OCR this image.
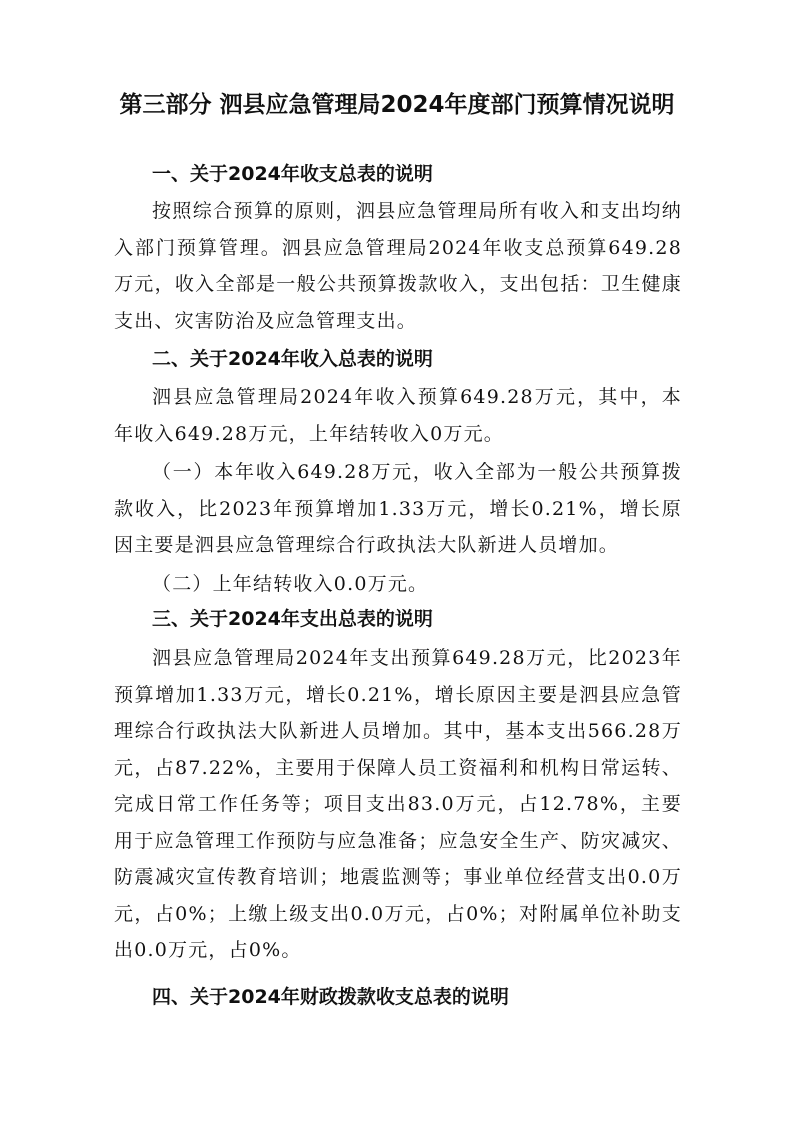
第三部分 泗县应急管理局2024年度部门预算情况说明
一、关于2024年收支总表的说明

按照综合预算的原则，泗县应急管理局所有收入和支出均纳入部门预算管理。泗县应急管理局2024年收支总预算649.28万元，收入全部是一般公共预算拨款收入，支出包括：卫生健康支出、灾害防治及应急管理支出。

二、关于2024年收入总表的说明

泗县应急管理局2024年收入预算649.28万元，其中，本年收入649.28万元，上年结转收入0万元。

（一）本年收入649.28万元，收入全部为一般公共预算拨款收入，比2023年预算增加1.33万元，增长0.21%，增长原因主要是泗县应急管理综合行政执法大队新进人员增加。

（二）上年结转收入0.0万元。

三、关于2024年支出总表的说明

泗县应急管理局2024年支出预算649.28万元，比2023年预算增加1.33万元，增长0.21%，增长原因主要是泗县应急管理综合行政执法大队新进人员增加。其中，基本支出566.28万元，占87.22%，主要用于保障人员工资福利和机构日常运转、完成日常工作任务等；项目支出83.0万元，占12.78%，主要用于应急管理工作预防与应急准备；应急安全生产、防灾减灾、防震减灾宣传教育培训；地震监测等；事业单位经营支出0.0万元，占0%；上缴上级支出0.0万元，占0%；对附属单位补助支出0.0万元，占0%。

四、关于2024年财政拨款收支总表的说明
